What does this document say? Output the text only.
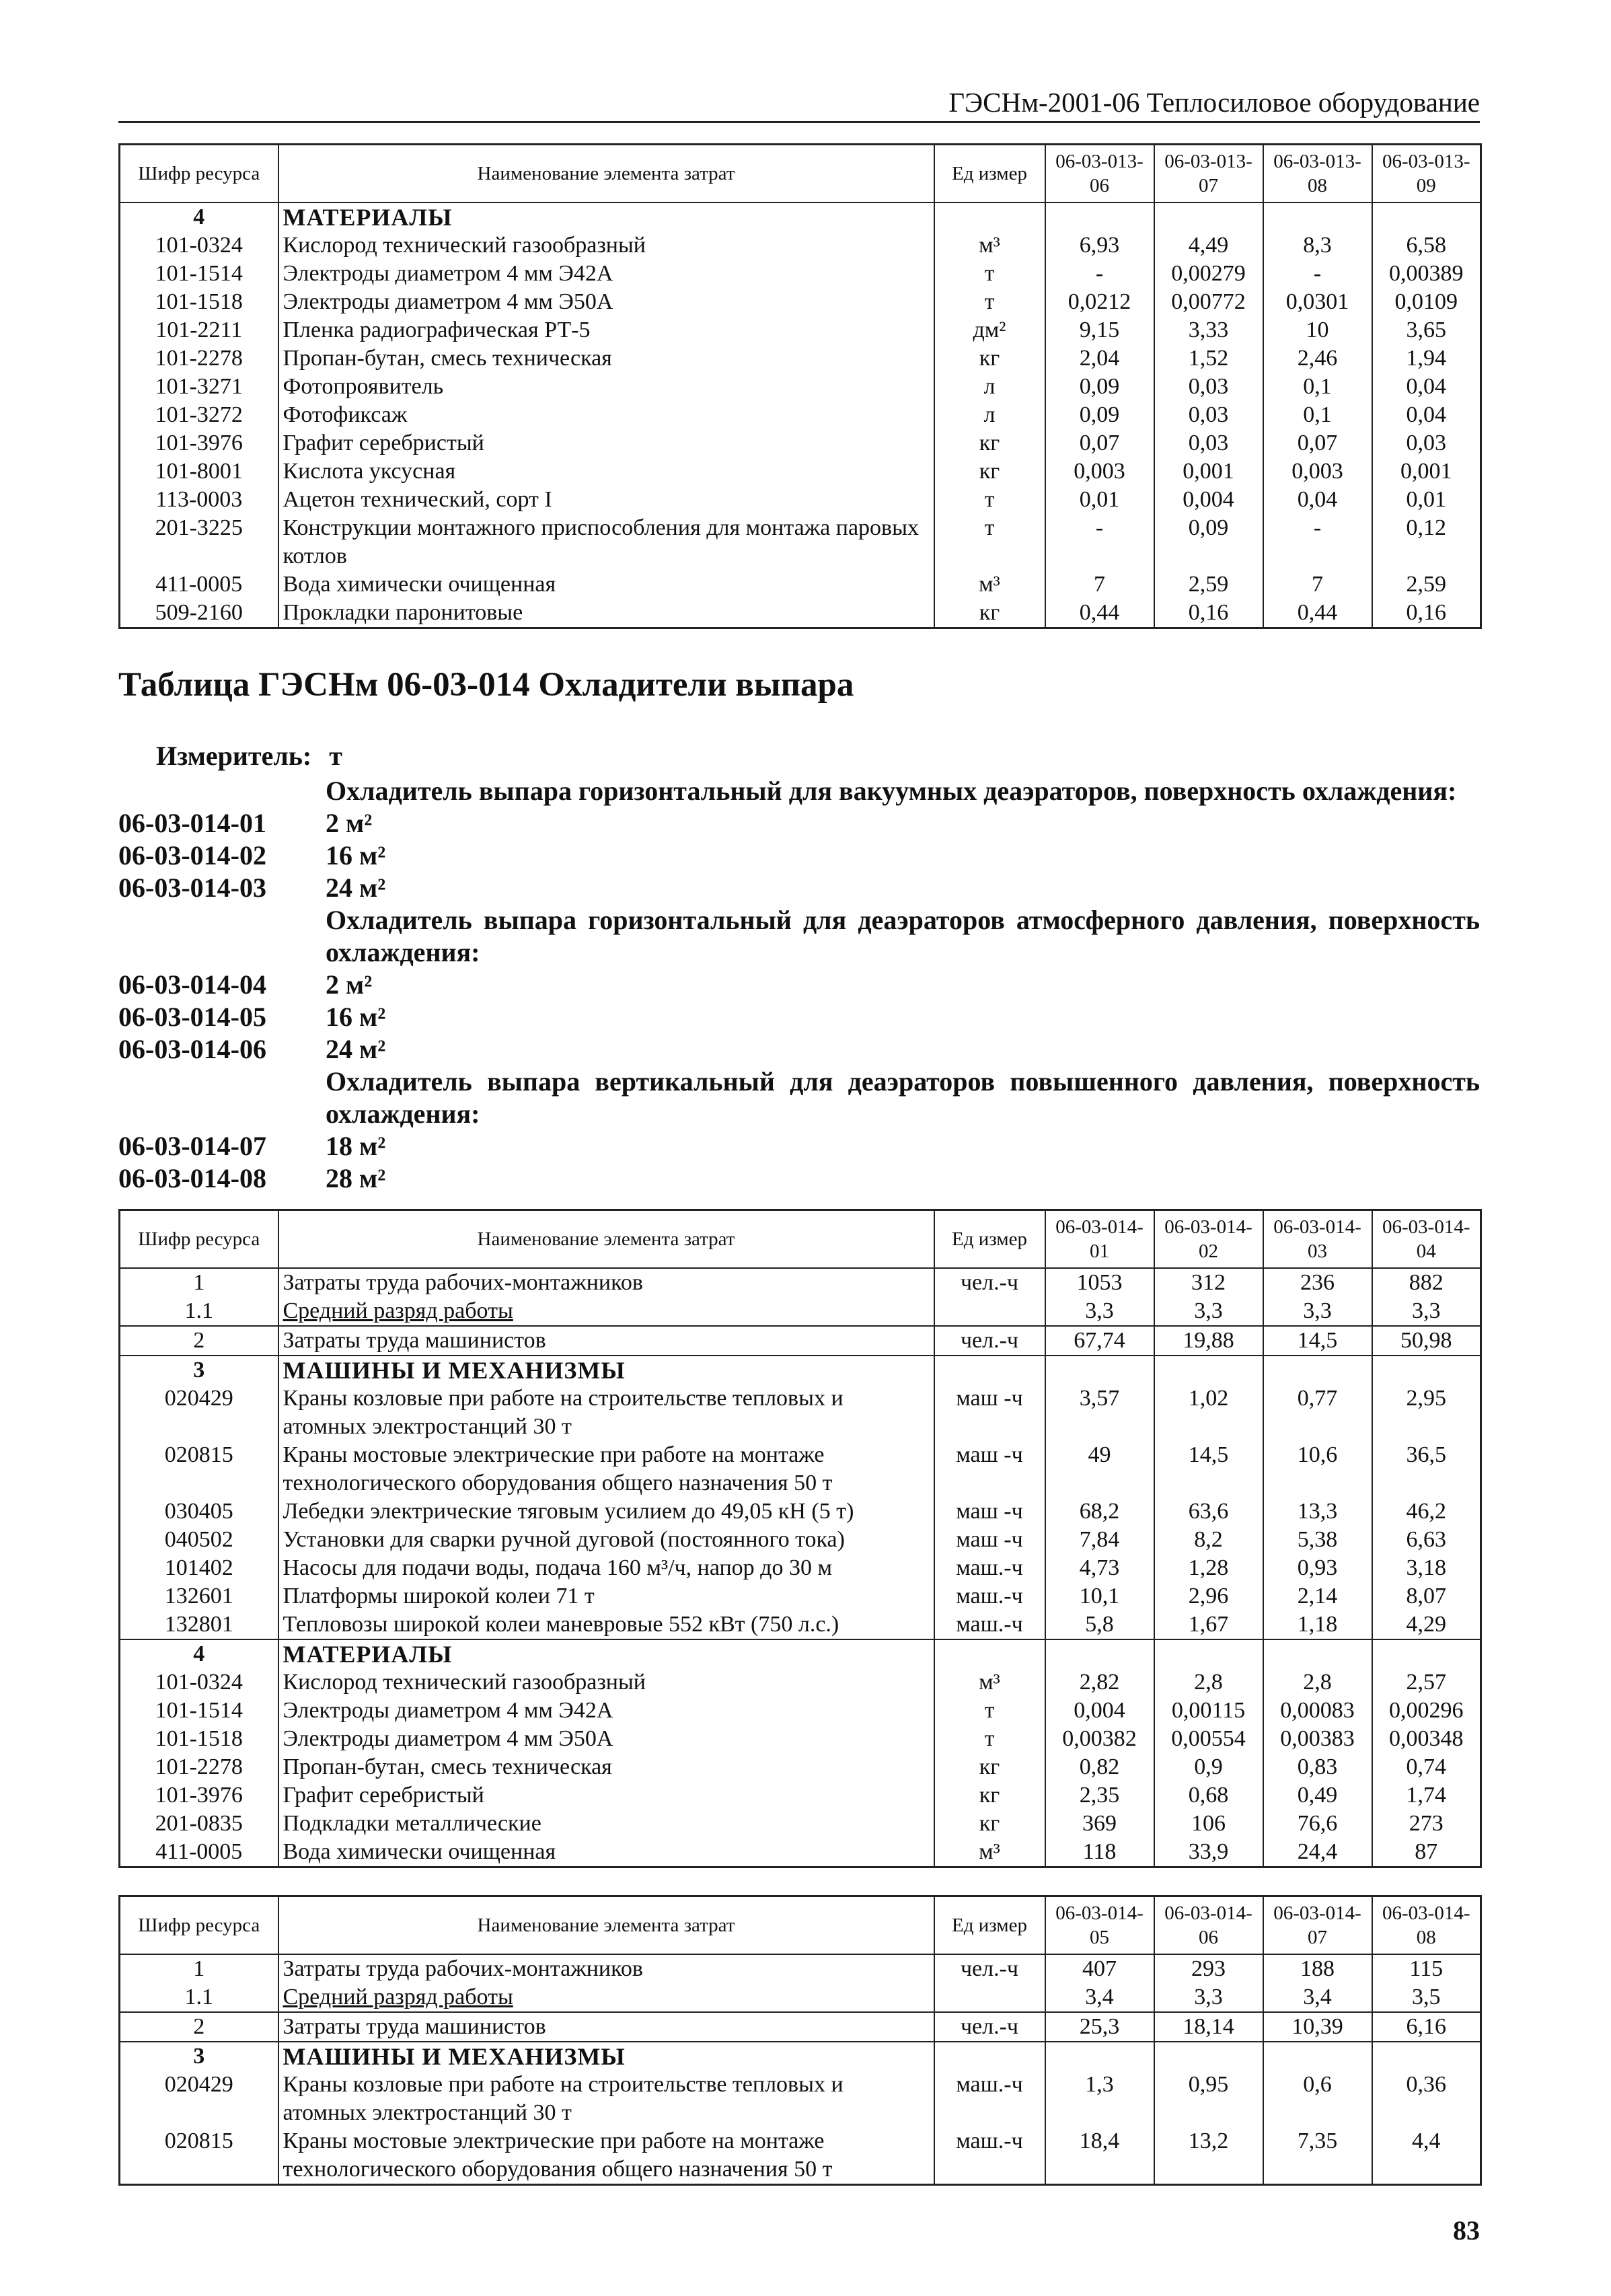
ГЭСНм-2001-06 Теплосиловое оборудование
Шифр ресурса	Наименование элемента затрат	Ед измер	06-03-013-06	06-03-013-07	06-03-013-08	06-03-013-09
4	МАТЕРИАЛЫ					
101-0324	Кислород технический газообразный	м³	6,93	4,49	8,3	6,58
101-1514	Электроды диаметром 4 мм Э42А	т	-	0,00279	-	0,00389
101-1518	Электроды диаметром 4 мм Э50А	т	0,0212	0,00772	0,0301	0,0109
101-2211	Пленка радиографическая РТ-5	дм²	9,15	3,33	10	3,65
101-2278	Пропан-бутан, смесь техническая	кг	2,04	1,52	2,46	1,94
101-3271	Фотопроявитель	л	0,09	0,03	0,1	0,04
101-3272	Фотофиксаж	л	0,09	0,03	0,1	0,04
101-3976	Графит серебристый	кг	0,07	0,03	0,07	0,03
101-8001	Кислота уксусная	кг	0,003	0,001	0,003	0,001
113-0003	Ацетон технический, сорт I	т	0,01	0,004	0,04	0,01
201-3225	Конструкции монтажного приспособления для монтажа паровых котлов	т	-	0,09	-	0,12
411-0005	Вода химически очищенная	м³	7	2,59	7	2,59
509-2160	Прокладки паронитовые	кг	0,44	0,16	0,44	0,16
Таблица ГЭСНм 06-03-014 Охладители выпара
Измеритель: т
Охладитель выпара горизонтальный для вакуумных деаэраторов, поверхность охлаждения:
06-03-014-01 2 м²
06-03-014-02 16 м²
06-03-014-03 24 м²
Охладитель выпара горизонтальный для деаэраторов атмосферного давления, поверхность охлаждения:
06-03-014-04 2 м²
06-03-014-05 16 м²
06-03-014-06 24 м²
Охладитель выпара вертикальный для деаэраторов повышенного давления, поверхность охлаждения:
06-03-014-07 18 м²
06-03-014-08 28 м²
Шифр ресурса	Наименование элемента затрат	Ед измер	06-03-014-01	06-03-014-02	06-03-014-03	06-03-014-04
1	Затраты труда рабочих-монтажников	чел.-ч	1053	312	236	882
1.1	Средний разряд работы		3,3	3,3	3,3	3,3
2	Затраты труда машинистов	чел.-ч	67,74	19,88	14,5	50,98
3	МАШИНЫ И МЕХАНИЗМЫ					
020429	Краны козловые при работе на строительстве тепловых и атомных электростанций 30 т	маш -ч	3,57	1,02	0,77	2,95
020815	Краны мостовые электрические при работе на монтаже технологического оборудования общего назначения 50 т	маш -ч	49	14,5	10,6	36,5
030405	Лебедки электрические тяговым усилием до 49,05 кН (5 т)	маш -ч	68,2	63,6	13,3	46,2
040502	Установки для сварки ручной дуговой (постоянного тока)	маш -ч	7,84	8,2	5,38	6,63
101402	Насосы для подачи воды, подача 160 м³/ч, напор до 30 м	маш.-ч	4,73	1,28	0,93	3,18
132601	Платформы широкой колеи 71 т	маш.-ч	10,1	2,96	2,14	8,07
132801	Тепловозы широкой колеи маневровые 552 кВт (750 л.с.)	маш.-ч	5,8	1,67	1,18	4,29
4	МАТЕРИАЛЫ					
101-0324	Кислород технический газообразный	м³	2,82	2,8	2,8	2,57
101-1514	Электроды диаметром 4 мм Э42А	т	0,004	0,00115	0,00083	0,00296
101-1518	Электроды диаметром 4 мм Э50А	т	0,00382	0,00554	0,00383	0,00348
101-2278	Пропан-бутан, смесь техническая	кг	0,82	0,9	0,83	0,74
101-3976	Графит серебристый	кг	2,35	0,68	0,49	1,74
201-0835	Подкладки металлические	кг	369	106	76,6	273
411-0005	Вода химически очищенная	м³	118	33,9	24,4	87
Шифр ресурса	Наименование элемента затрат	Ед измер	06-03-014-05	06-03-014-06	06-03-014-07	06-03-014-08
1	Затраты труда рабочих-монтажников	чел.-ч	407	293	188	115
1.1	Средний разряд работы		3,4	3,3	3,4	3,5
2	Затраты труда машинистов	чел.-ч	25,3	18,14	10,39	6,16
3	МАШИНЫ И МЕХАНИЗМЫ					
020429	Краны козловые при работе на строительстве тепловых и атомных электростанций 30 т	маш.-ч	1,3	0,95	0,6	0,36
020815	Краны мостовые электрические при работе на монтаже технологического оборудования общего назначения 50 т	маш.-ч	18,4	13,2	7,35	4,4
83
